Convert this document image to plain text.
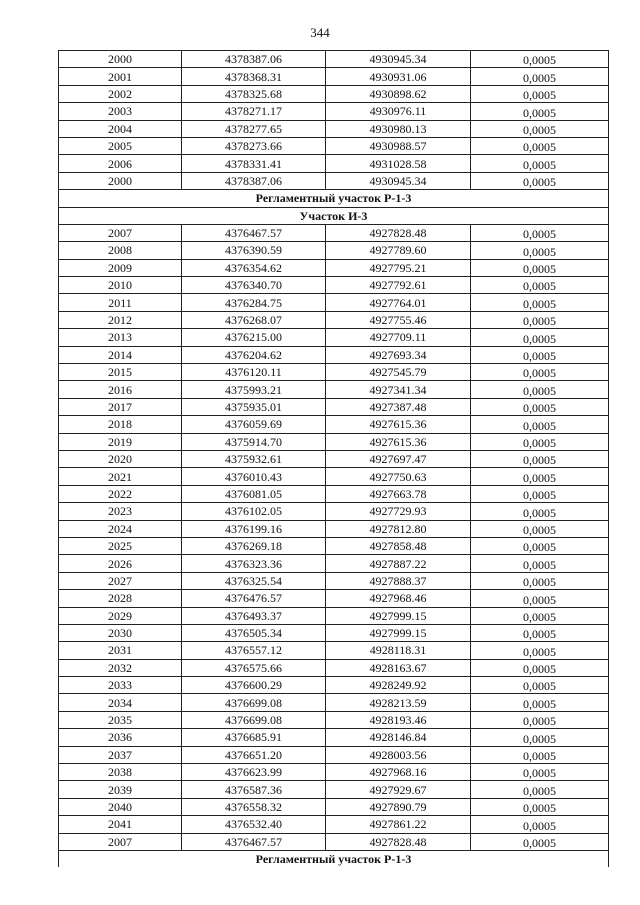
344
2000	4378387.06	4930945.34	0,0005
2001	4378368.31	4930931.06	0,0005
2002	4378325.68	4930898.62	0,0005
2003	4378271.17	4930976.11	0,0005
2004	4378277.65	4930980.13	0,0005
2005	4378273.66	4930988.57	0,0005
2006	4378331.41	4931028.58	0,0005
2000	4378387.06	4930945.34	0,0005
Регламентный участок Р-1-3			
Участок И-3			
2007	4376467.57	4927828.48	0,0005
2008	4376390.59	4927789.60	0,0005
2009	4376354.62	4927795.21	0,0005
2010	4376340.70	4927792.61	0,0005
2011	4376284.75	4927764.01	0,0005
2012	4376268.07	4927755.46	0,0005
2013	4376215.00	4927709.11	0,0005
2014	4376204.62	4927693.34	0,0005
2015	4376120.11	4927545.79	0,0005
2016	4375993.21	4927341.34	0,0005
2017	4375935.01	4927387.48	0,0005
2018	4376059.69	4927615.36	0,0005
2019	4375914.70	4927615.36	0,0005
2020	4375932.61	4927697.47	0,0005
2021	4376010.43	4927750.63	0,0005
2022	4376081.05	4927663.78	0,0005
2023	4376102.05	4927729.93	0,0005
2024	4376199.16	4927812.80	0,0005
2025	4376269.18	4927858.48	0,0005
2026	4376323.36	4927887.22	0,0005
2027	4376325.54	4927888.37	0,0005
2028	4376476.57	4927968.46	0,0005
2029	4376493.37	4927999.15	0,0005
2030	4376505.34	4927999.15	0,0005
2031	4376557.12	4928118.31	0,0005
2032	4376575.66	4928163.67	0,0005
2033	4376600.29	4928249.92	0,0005
2034	4376699.08	4928213.59	0,0005
2035	4376699.08	4928193.46	0,0005
2036	4376685.91	4928146.84	0,0005
2037	4376651.20	4928003.56	0,0005
2038	4376623.99	4927968.16	0,0005
2039	4376587.36	4927929.67	0,0005
2040	4376558.32	4927890.79	0,0005
2041	4376532.40	4927861.22	0,0005
2007	4376467.57	4927828.48	0,0005
Регламентный участок Р-1-3			
